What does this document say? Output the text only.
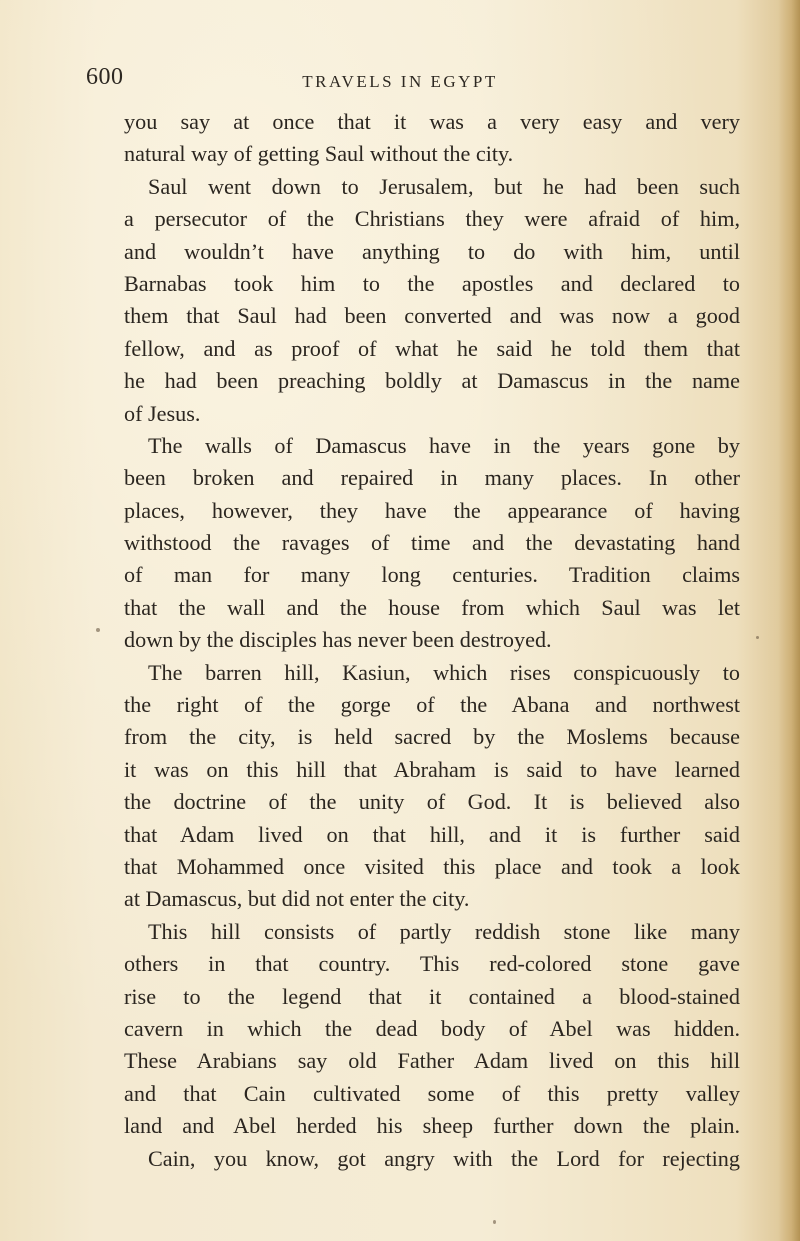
600	TRAVELS IN EGYPT
you say at once that it was a very easy and very
natural way of getting Saul without the city.
Saul went down to Jerusalem, but he had been such
a persecutor of the Christians they were afraid of him,
and wouldn’t have anything to do with him, until
Barnabas took him to the apostles and declared to
them that Saul had been converted and was now a good
fellow, and as proof of what he said he told them that
he had been preaching boldly at Damascus in the name
of Jesus.
The walls of Damascus have in the years gone by
been broken and repaired in many places. In other
places, however, they have the appearance of having
withstood the ravages of time and the devastating hand
of man for many long centuries. Tradition claims
that the wall and the house from which Saul was let
down by the disciples has never been destroyed.
The barren hill, Kasiun, which rises conspicuously to
the right of the gorge of the Abana and northwest
from the city, is held sacred by the Moslems because
it was on this hill that Abraham is said to have learned
the doctrine of the unity of God. It is believed also
that Adam lived on that hill, and it is further said
that Mohammed once visited this place and took a look
at Damascus, but did not enter the city.
This hill consists of partly reddish stone like many
others in that country. This red-colored stone gave
rise to the legend that it contained a blood-stained
cavern in which the dead body of Abel was hidden.
These Arabians say old Father Adam lived on this hill
and that Cain cultivated some of this pretty valley
land and Abel herded his sheep further down the plain.
Cain, you know, got angry with the Lord for rejecting
